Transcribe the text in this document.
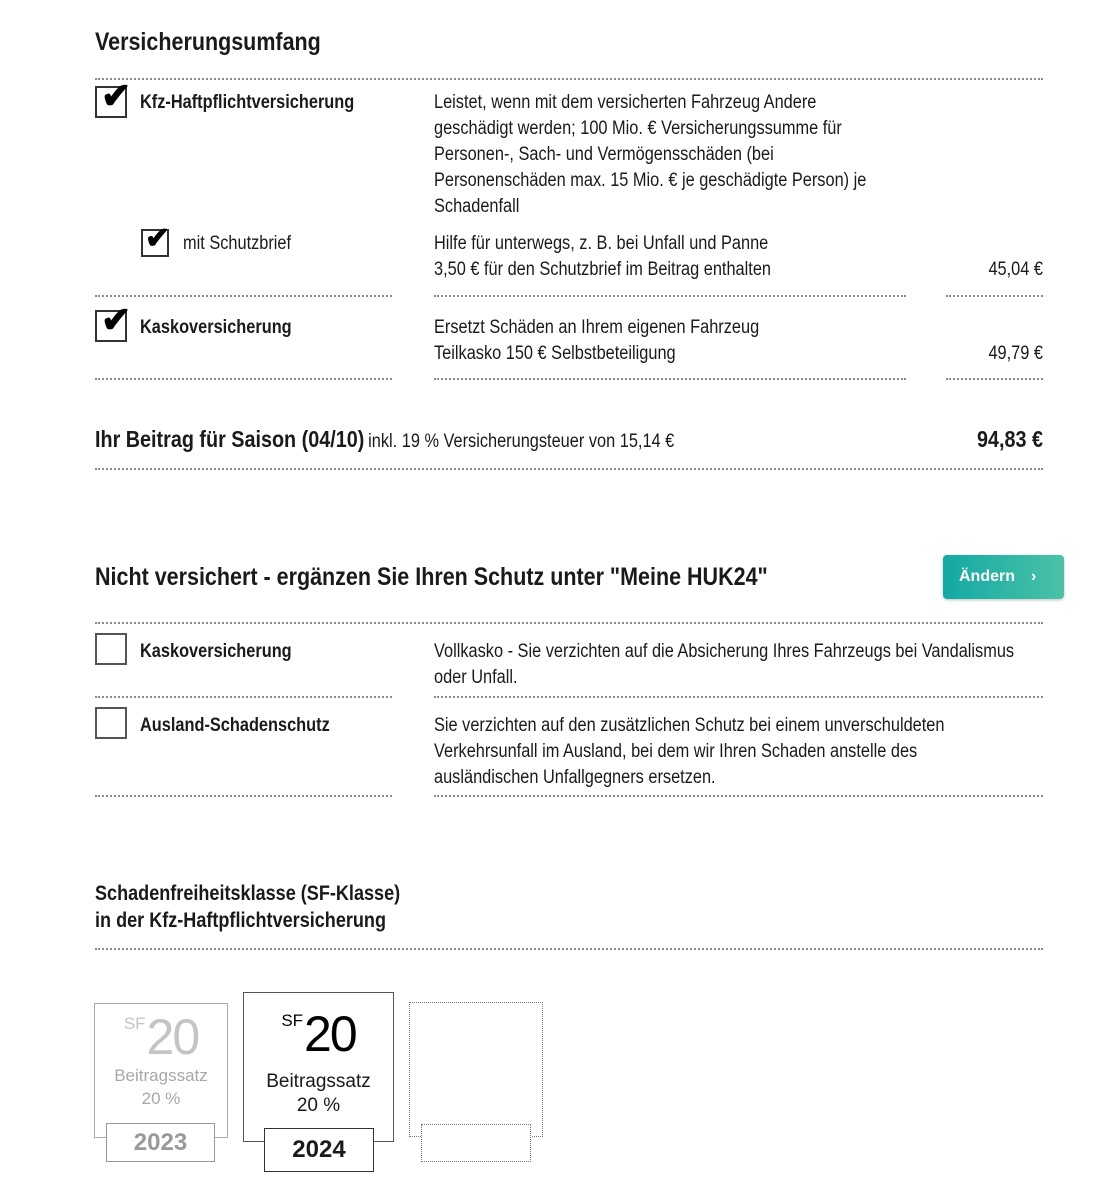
Versicherungsumfang
✔ Kfz-Haftpflichtversicherung	Leistet, wenn mit dem versicherten Fahrzeug Andere geschädigt werden; 100 Mio. € Versicherungssumme für Personen-, Sach- und Vermögensschäden (bei Personenschäden max. 15 Mio. € je geschädigte Person) je Schadenfall
✔ mit Schutzbrief	Hilfe für unterwegs, z. B. bei Unfall und Panne
3,50 € für den Schutzbrief im Beitrag enthalten	45,04 €
✔ Kaskoversicherung	Ersetzt Schäden an Ihrem eigenen Fahrzeug
Teilkasko 150 € Selbstbeteiligung	49,79 €
Ihr Beitrag für Saison (04/10) inkl. 19 % Versicherungsteuer von 15,14 €	94,83 €
Nicht versichert - ergänzen Sie Ihren Schutz unter "Meine HUK24"	Ändern ›
Kaskoversicherung	Vollkasko - Sie verzichten auf die Absicherung Ihres Fahrzeugs bei Vandalismus oder Unfall.
Ausland-Schadenschutz	Sie verzichten auf den zusätzlichen Schutz bei einem unverschuldeten Verkehrsunfall im Ausland, bei dem wir Ihren Schaden anstelle des ausländischen Unfallgegners ersetzen.
Schadenfreiheitsklasse (SF-Klasse)
in der Kfz-Haftpflichtversicherung
SF20
Beitragssatz
20 %
2023
SF20
Beitragssatz
20 %
2024
